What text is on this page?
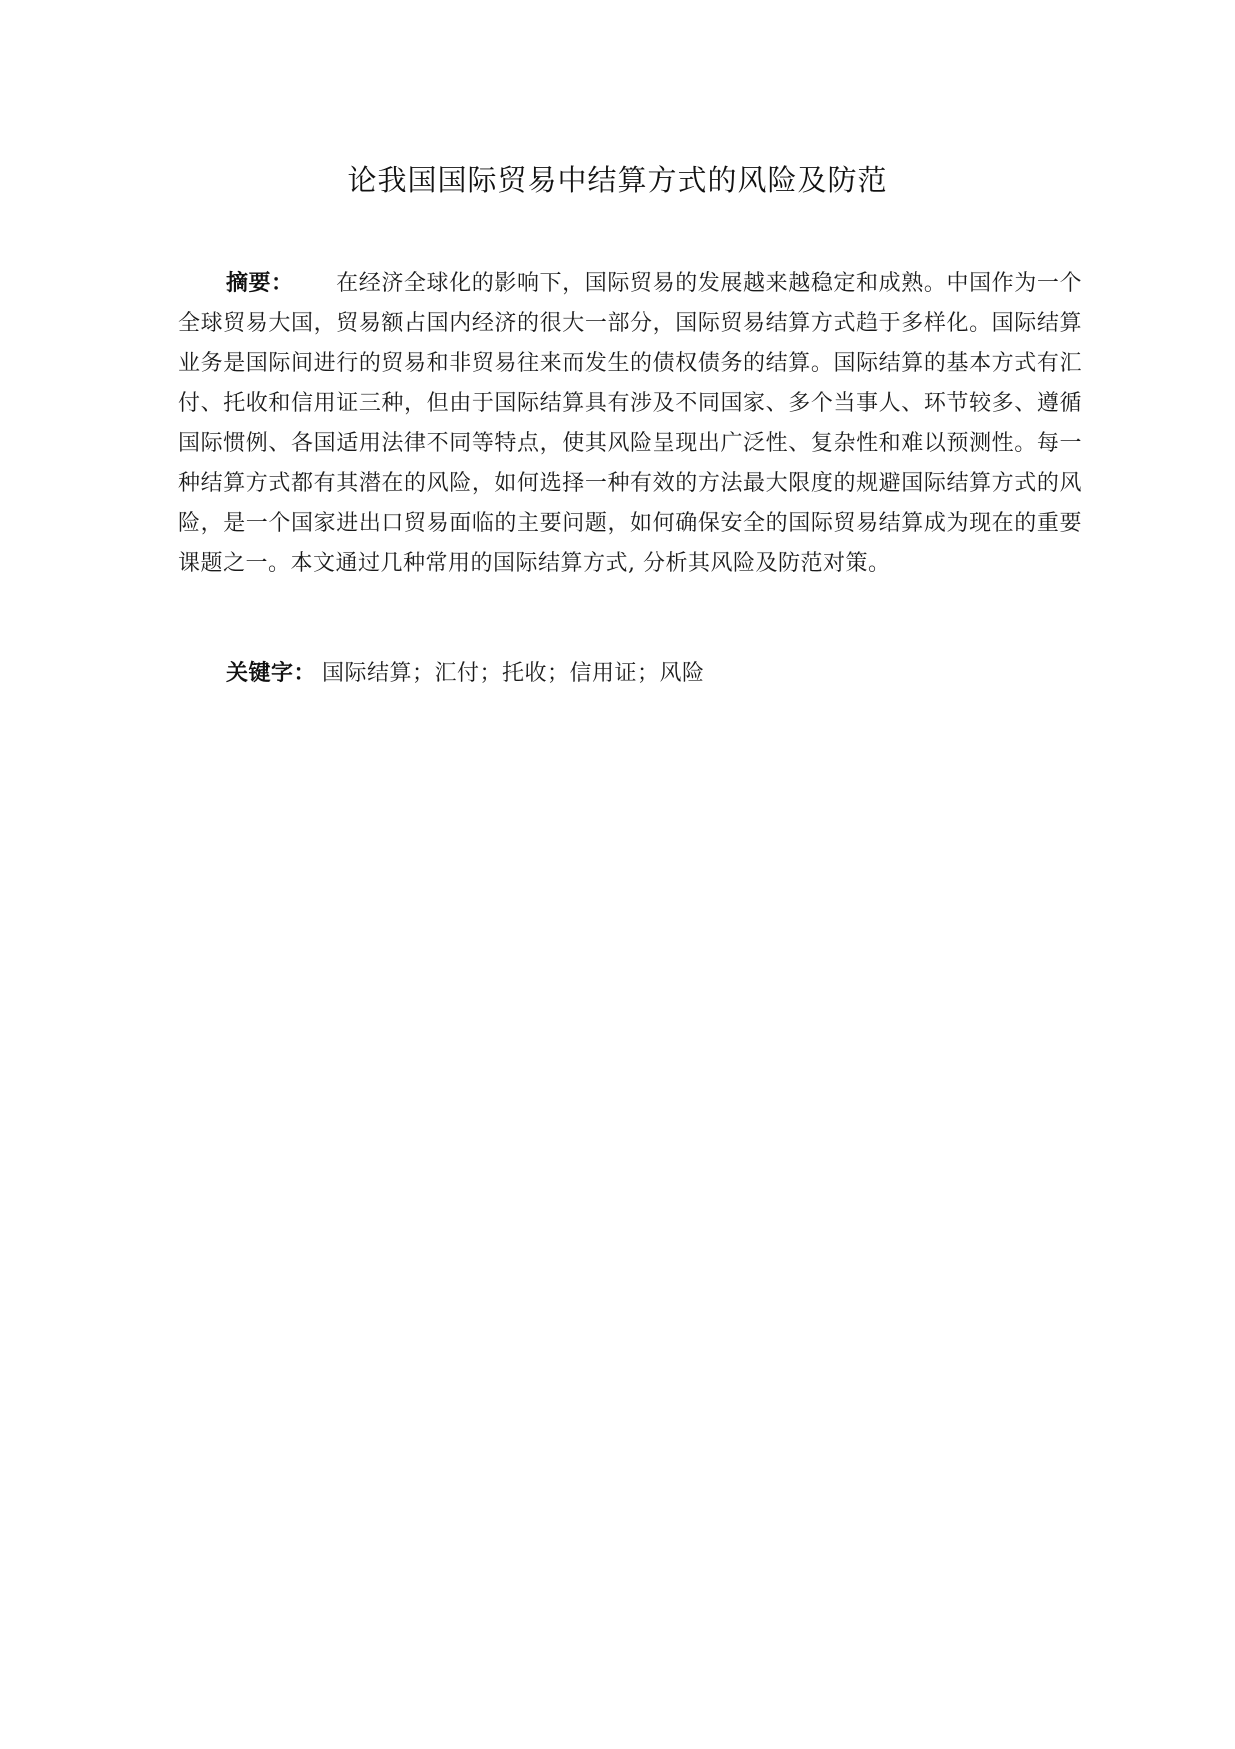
论我国国际贸易中结算方式的风险及防范
摘要： 在经济全球化的影响下，国际贸易的发展越来越稳定和成熟。中国作为一个全球贸易大国，贸易额占国内经济的很大一部分，国际贸易结算方式趋于多样化。国际结算业务是国际间进行的贸易和非贸易往来而发生的债权债务的结算。国际结算的基本方式有汇付、托收和信用证三种，但由于国际结算具有涉及不同国家、多个当事人、环节较多、遵循国际惯例、各国适用法律不同等特点，使其风险呈现出广泛性、复杂性和难以预测性。每一种结算方式都有其潜在的风险，如何选择一种有效的方法最大限度的规避国际结算方式的风险，是一个国家进出口贸易面临的主要问题，如何确保安全的国际贸易结算成为现在的重要课题之一。本文通过几种常用的国际结算方式, 分析其风险及防范对策。
关键字： 国际结算；汇付；托收；信用证；风险
